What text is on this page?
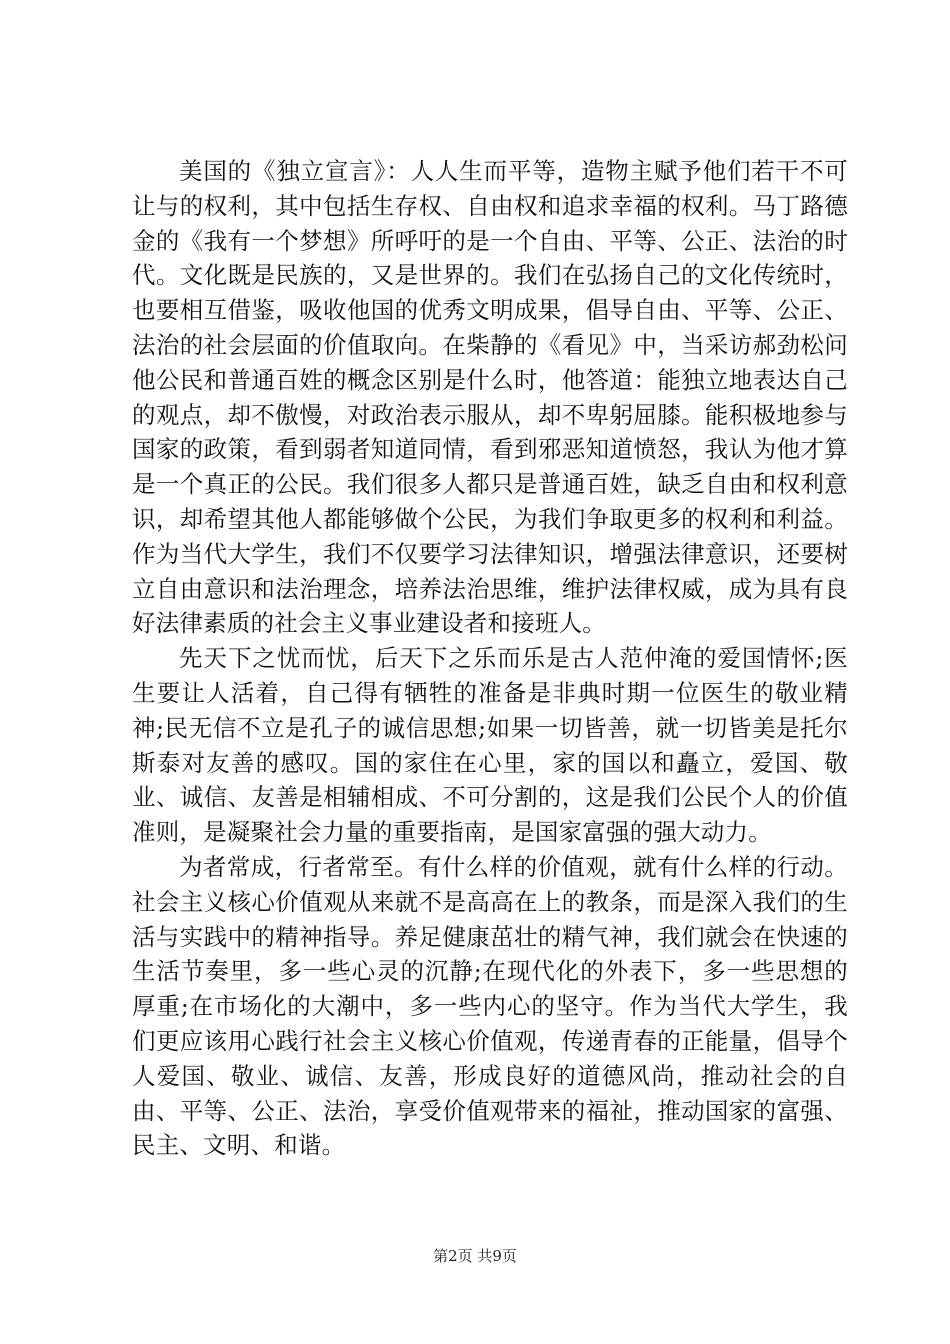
美国的《独立宣言》：人人生而平等，造物主赋予他们若干不可让与的权利，其中包括生存权、自由权和追求幸福的权利。马丁路德金的《我有一个梦想》所呼吁的是一个自由、平等、公正、法治的时代。文化既是民族的，又是世界的。我们在弘扬自己的文化传统时，也要相互借鉴，吸收他国的优秀文明成果，倡导自由、平等、公正、法治的社会层面的价值取向。在柴静的《看见》中，当采访郝劲松问他公民和普通百姓的概念区别是什么时，他答道：能独立地表达自己的观点，却不傲慢，对政治表示服从，却不卑躬屈膝。能积极地参与国家的政策，看到弱者知道同情，看到邪恶知道愤怒，我认为他才算是一个真正的公民。我们很多人都只是普通百姓，缺乏自由和权利意识，却希望其他人都能够做个公民，为我们争取更多的权利和利益。作为当代大学生，我们不仅要学习法律知识，增强法律意识，还要树立自由意识和法治理念，培养法治思维，维护法律权威，成为具有良好法律素质的社会主义事业建设者和接班人。

先天下之忧而忧，后天下之乐而乐是古人范仲淹的爱国情怀;医生要让人活着，自己得有牺牲的准备是非典时期一位医生的敬业精神;民无信不立是孔子的诚信思想;如果一切皆善，就一切皆美是托尔斯泰对友善的感叹。国的家住在心里，家的国以和矗立，爱国、敬业、诚信、友善是相辅相成、不可分割的，这是我们公民个人的价值准则，是凝聚社会力量的重要指南，是国家富强的强大动力。

为者常成，行者常至。有什么样的价值观，就有什么样的行动。社会主义核心价值观从来就不是高高在上的教条，而是深入我们的生活与实践中的精神指导。养足健康茁壮的精气神，我们就会在快速的生活节奏里，多一些心灵的沉静;在现代化的外表下，多一些思想的厚重;在市场化的大潮中，多一些内心的坚守。作为当代大学生，我们更应该用心践行社会主义核心价值观，传递青春的正能量，倡导个人爱国、敬业、诚信、友善，形成良好的道德风尚，推动社会的自由、平等、公正、法治，享受价值观带来的福祉，推动国家的富强、民主、文明、和谐。

第2页 共9页
